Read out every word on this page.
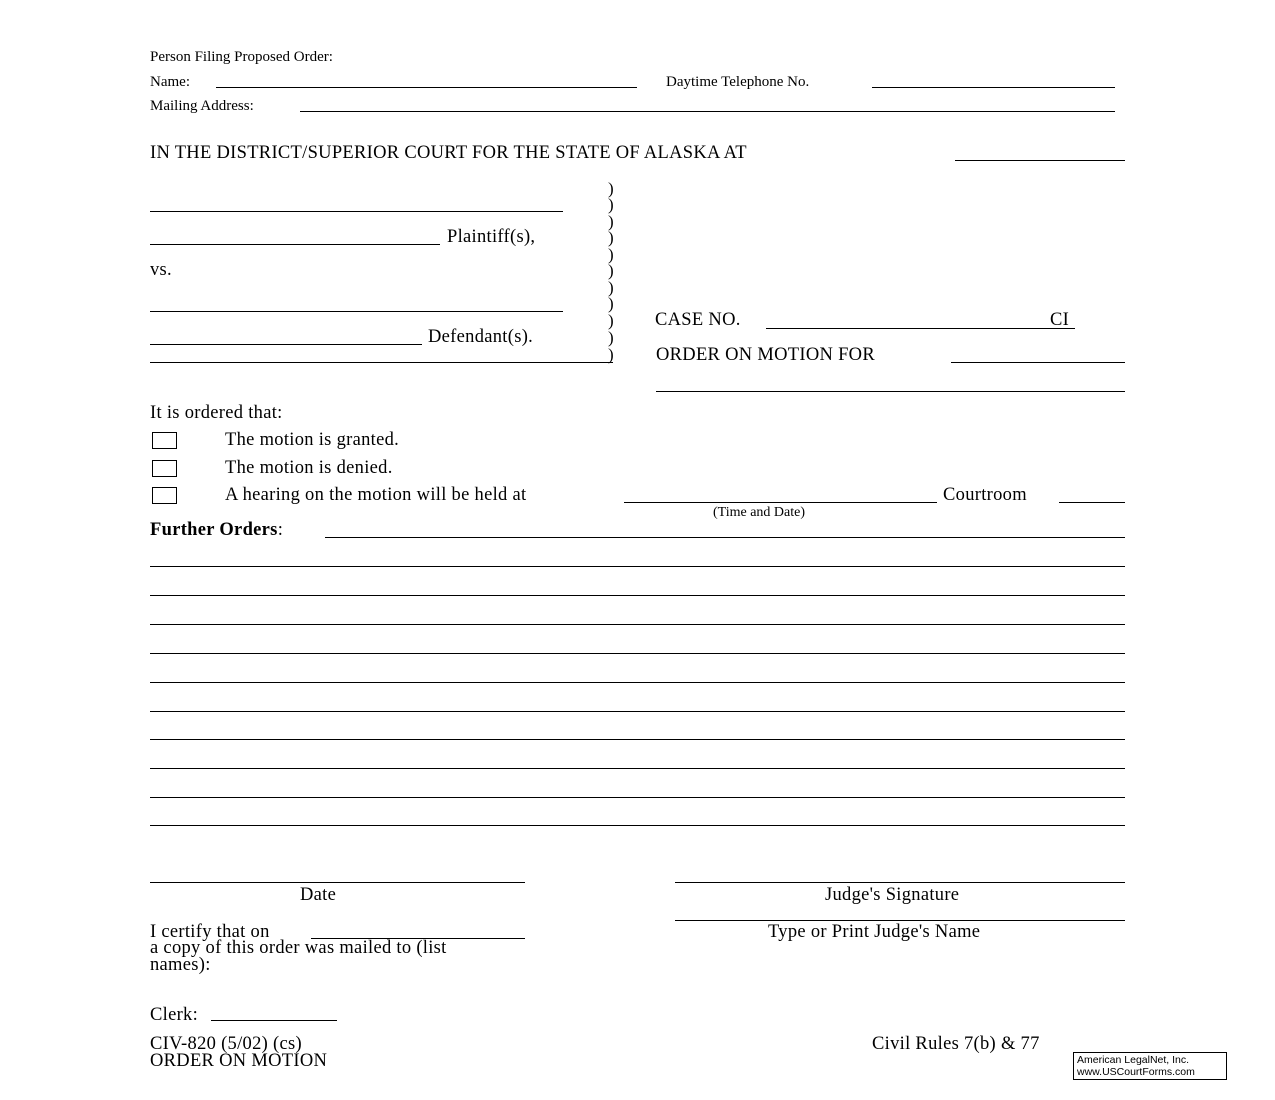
Person Filing Proposed Order:
Name:	Daytime Telephone No.
Mailing Address:
IN THE DISTRICT/SUPERIOR COURT FOR THE STATE OF ALASKA AT
Plaintiff(s),
vs.
Defendant(s).
)
)
)
)
)
)
)
)
)
)
)
CASE NO.	CI
ORDER ON MOTION FOR
It is ordered that:
The motion is granted.
The motion is denied.
A hearing on the motion will be held at	Courtroom
(Time and Date)
Further Orders:
Date	Judge's Signature
Type or Print Judge's Name
I certify that on
a copy of this order was mailed to (list
names):
Clerk:
CIV-820 (5/02) (cs)
ORDER ON MOTION
Civil Rules 7(b) & 77
American LegalNet, Inc.
www.USCourtForms.com
